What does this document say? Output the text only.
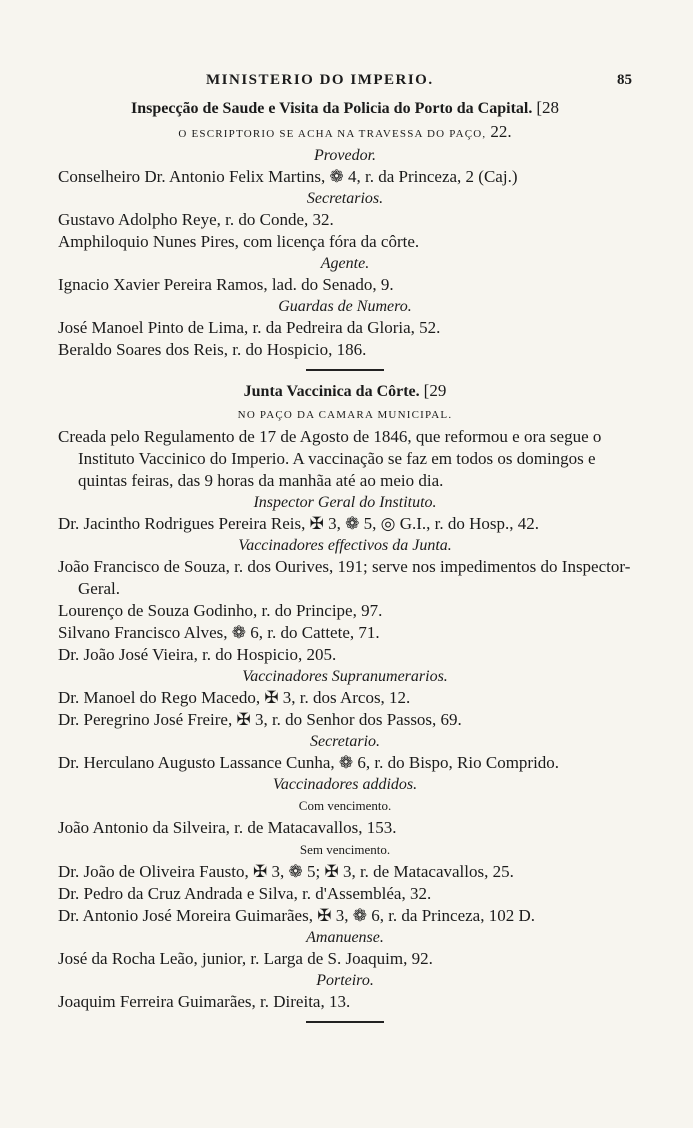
MINISTERIO DO IMPERIO.	85
Inspecção de Saude e Visita da Policia do Porto da Capital. [28
O ESCRIPTORIO SE ACHA NA TRAVESSA DO PAÇO, 22.
Provedor.
Conselheiro Dr. Antonio Felix Martins, ❁ 4, r. da Princeza, 2 (Caj.)
Secretarios.
Gustavo Adolpho Reye, r. do Conde, 32.
Amphiloquio Nunes Pires, com licença fóra da côrte.
Agente.
Ignacio Xavier Pereira Ramos, lad. do Senado, 9.
Guardas de Numero.
José Manoel Pinto de Lima, r. da Pedreira da Gloria, 52.
Beraldo Soares dos Reis, r. do Hospicio, 186.
Junta Vaccinica da Côrte. [29
NO PAÇO DA CAMARA MUNICIPAL.
Creada pelo Regulamento de 17 de Agosto de 1846, que reformou e ora segue o Instituto Vaccinico do Imperio. A vaccinação se faz em todos os domingos e quintas feiras, das 9 horas da manhãa até ao meio dia.
Inspector Geral do Instituto.
Dr. Jacintho Rodrigues Pereira Reis, ✠ 3, ❁ 5, ◎ G.I., r. do Hosp., 42.
Vaccinadores effectivos da Junta.
João Francisco de Souza, r. dos Ourives, 191; serve nos impedimentos do Inspector-Geral.
Lourenço de Souza Godinho, r. do Principe, 97.
Silvano Francisco Alves, ❁ 6, r. do Cattete, 71.
Dr. João José Vieira, r. do Hospicio, 205.
Vaccinadores Supranumerarios.
Dr. Manoel do Rego Macedo, ✠ 3, r. dos Arcos, 12.
Dr. Peregrino José Freire, ✠ 3, r. do Senhor dos Passos, 69.
Secretario.
Dr. Herculano Augusto Lassance Cunha, ❁ 6, r. do Bispo, Rio Comprido.
Vaccinadores addidos.
Com vencimento.
João Antonio da Silveira, r. de Matacavallos, 153.
Sem vencimento.
Dr. João de Oliveira Fausto, ✠ 3, ❁ 5; ✠ 3, r. de Matacavallos, 25.
Dr. Pedro da Cruz Andrada e Silva, r. d'Assembléa, 32.
Dr. Antonio José Moreira Guimarães, ✠ 3, ❁ 6, r. da Princeza, 102 D.
Amanuense.
José da Rocha Leão, junior, r. Larga de S. Joaquim, 92.
Porteiro.
Joaquim Ferreira Guimarães, r. Direita, 13.
